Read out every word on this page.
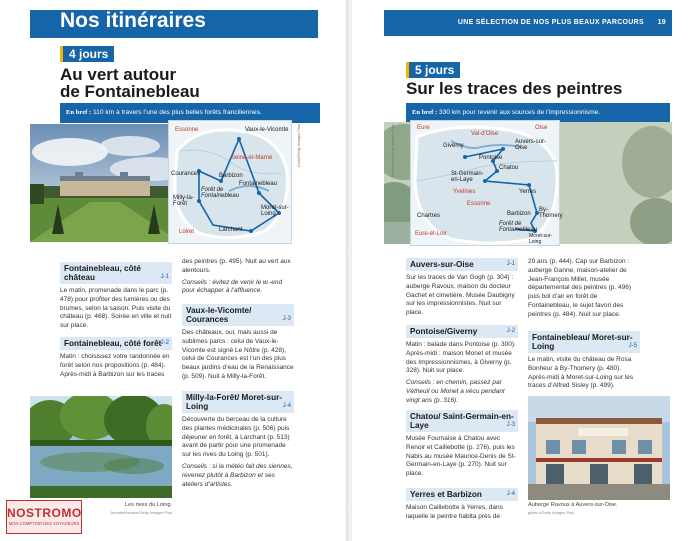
Nos itinéraires
4 jours
Au vert autour
de Fontainebleau
En bref : 110 km à travers l’une des plus belles forêts franciliennes.
Essonne	Vaux-le-Vicomte
Seine-et-Marne
Barbizon
Courances
Forêt de Fontainebleau
Fontainebleau
Milly-la-Forêt
Moret-sur-Loing
Larchant
Loiret
Carla/Getty Images Plus
Fontainebleau, côté château	J-1
Le matin, promenade dans le parc (p. 478) pour profiter des lumières ou des brumes, selon la saison. Puis visite du château (p. 468). Soirée en ville et nuit sur place.
Fontainebleau, côté forêt J-2
Matin : choisissez votre randonnée en forêt selon nos propositions (p. 484). Après-midi à Barbizon sur les traces
Les rives du Loing.
JenniferHansen/Getty Images Plus
des peintres (p. 495). Nuit au vert aux alentours.
Conseils : évitez de venir le w.-end pour échapper à l’affluence.
Vaux-le-Vicomte/ Courances	J-3
Des châteaux, oui, mais aussi de sublimes parcs : celui de Vaux-le-Vicomte est signé Le Nôtre (p. 428), celui de Courances est l’un des plus beaux jardins d’eau de la Renaissance (p. 509). Nuit à Milly-la-Forêt.
Milly-la-Forêt/ Moret-sur-Loing	J-4
Découverte du berceau de la culture des plantes médicinales (p. 506) puis déjeuner en forêt, à Larchant (p. 513) avant de partir pour une promenade sur les rives du Loing (p. 501).
Conseils : si la météo fait des siennes, revenez plutôt à Barbizon et ses ateliers d’artistes.
NOSTROMO
MON COMPTOIR DES VOYAGEURS
UNE SÉLECTION DE NOS PLUS BEAUX PARCOURS 19
5 jours
Sur les traces des peintres
En bref : 330 km pour revenir aux sources de l’impressionnisme.
Bkmonster/Getty Images Plus	Eure	Oise
Val-d’Oise
Giverny
Auvers-sur-Oise
Pontoise
Chatou
St-Germain-en-Laye
Yvelines	Yerres
Essonne
Barbizon
By-Thomery
Forêt de Fontainebleau
Moret-sur-Loing
Eure-et-Loir
Chartres
Auvers-sur-Oise	J-1
Sur les traces de Van Gogh (p. 304) : auberge Ravoux, maison du docteur Gachet et cimetière. Musée Daubigny sur les impressionnistes. Nuit sur place.
Pontoise/Giverny	J-2
Matin : balade dans Pontoise (p. 300). Après-midi : maison Monet et musée des Impressionnismes, à Giverny (p. 328). Nuit sur place.
Conseils : en chemin, passez par Vétheuil ou Monet a vécu pendant vingt ans (p. 316).
Chatou/ Saint-Germain-en-Laye	J-3
Musée Fournaise à Chatou avec Renoir et Caillebotte (p. 276), puis les Nabis au musée Maurice-Denis de St-Germain-en-Laye (p. 270). Nuit sur place.
Yerres et Barbizon	J-4
Maison Caillebotte à Yerres, dans laquelle le peintre habita près de
20 ans (p. 444). Cap sur Barbizon : auberge Ganne, maison-atelier de Jean-François Millet, musée départemental des peintres (p. 496) puis bol d’air en forêt de Fontainebleau, le sujet favori des peintres (p. 484). Nuit sur place.
Fontainebleau/ Moret-sur-Loing	J-5
Le matin, visite du château de Rosa Bonheur à By-Thomery (p. 480). Après-midi à Moret-sur-Loing sur les traces d’Alfred Sisley (p. 499).
Auberge Ravoux à Auvers-sur-Oise.
gilles-v/Getty Images Plus
